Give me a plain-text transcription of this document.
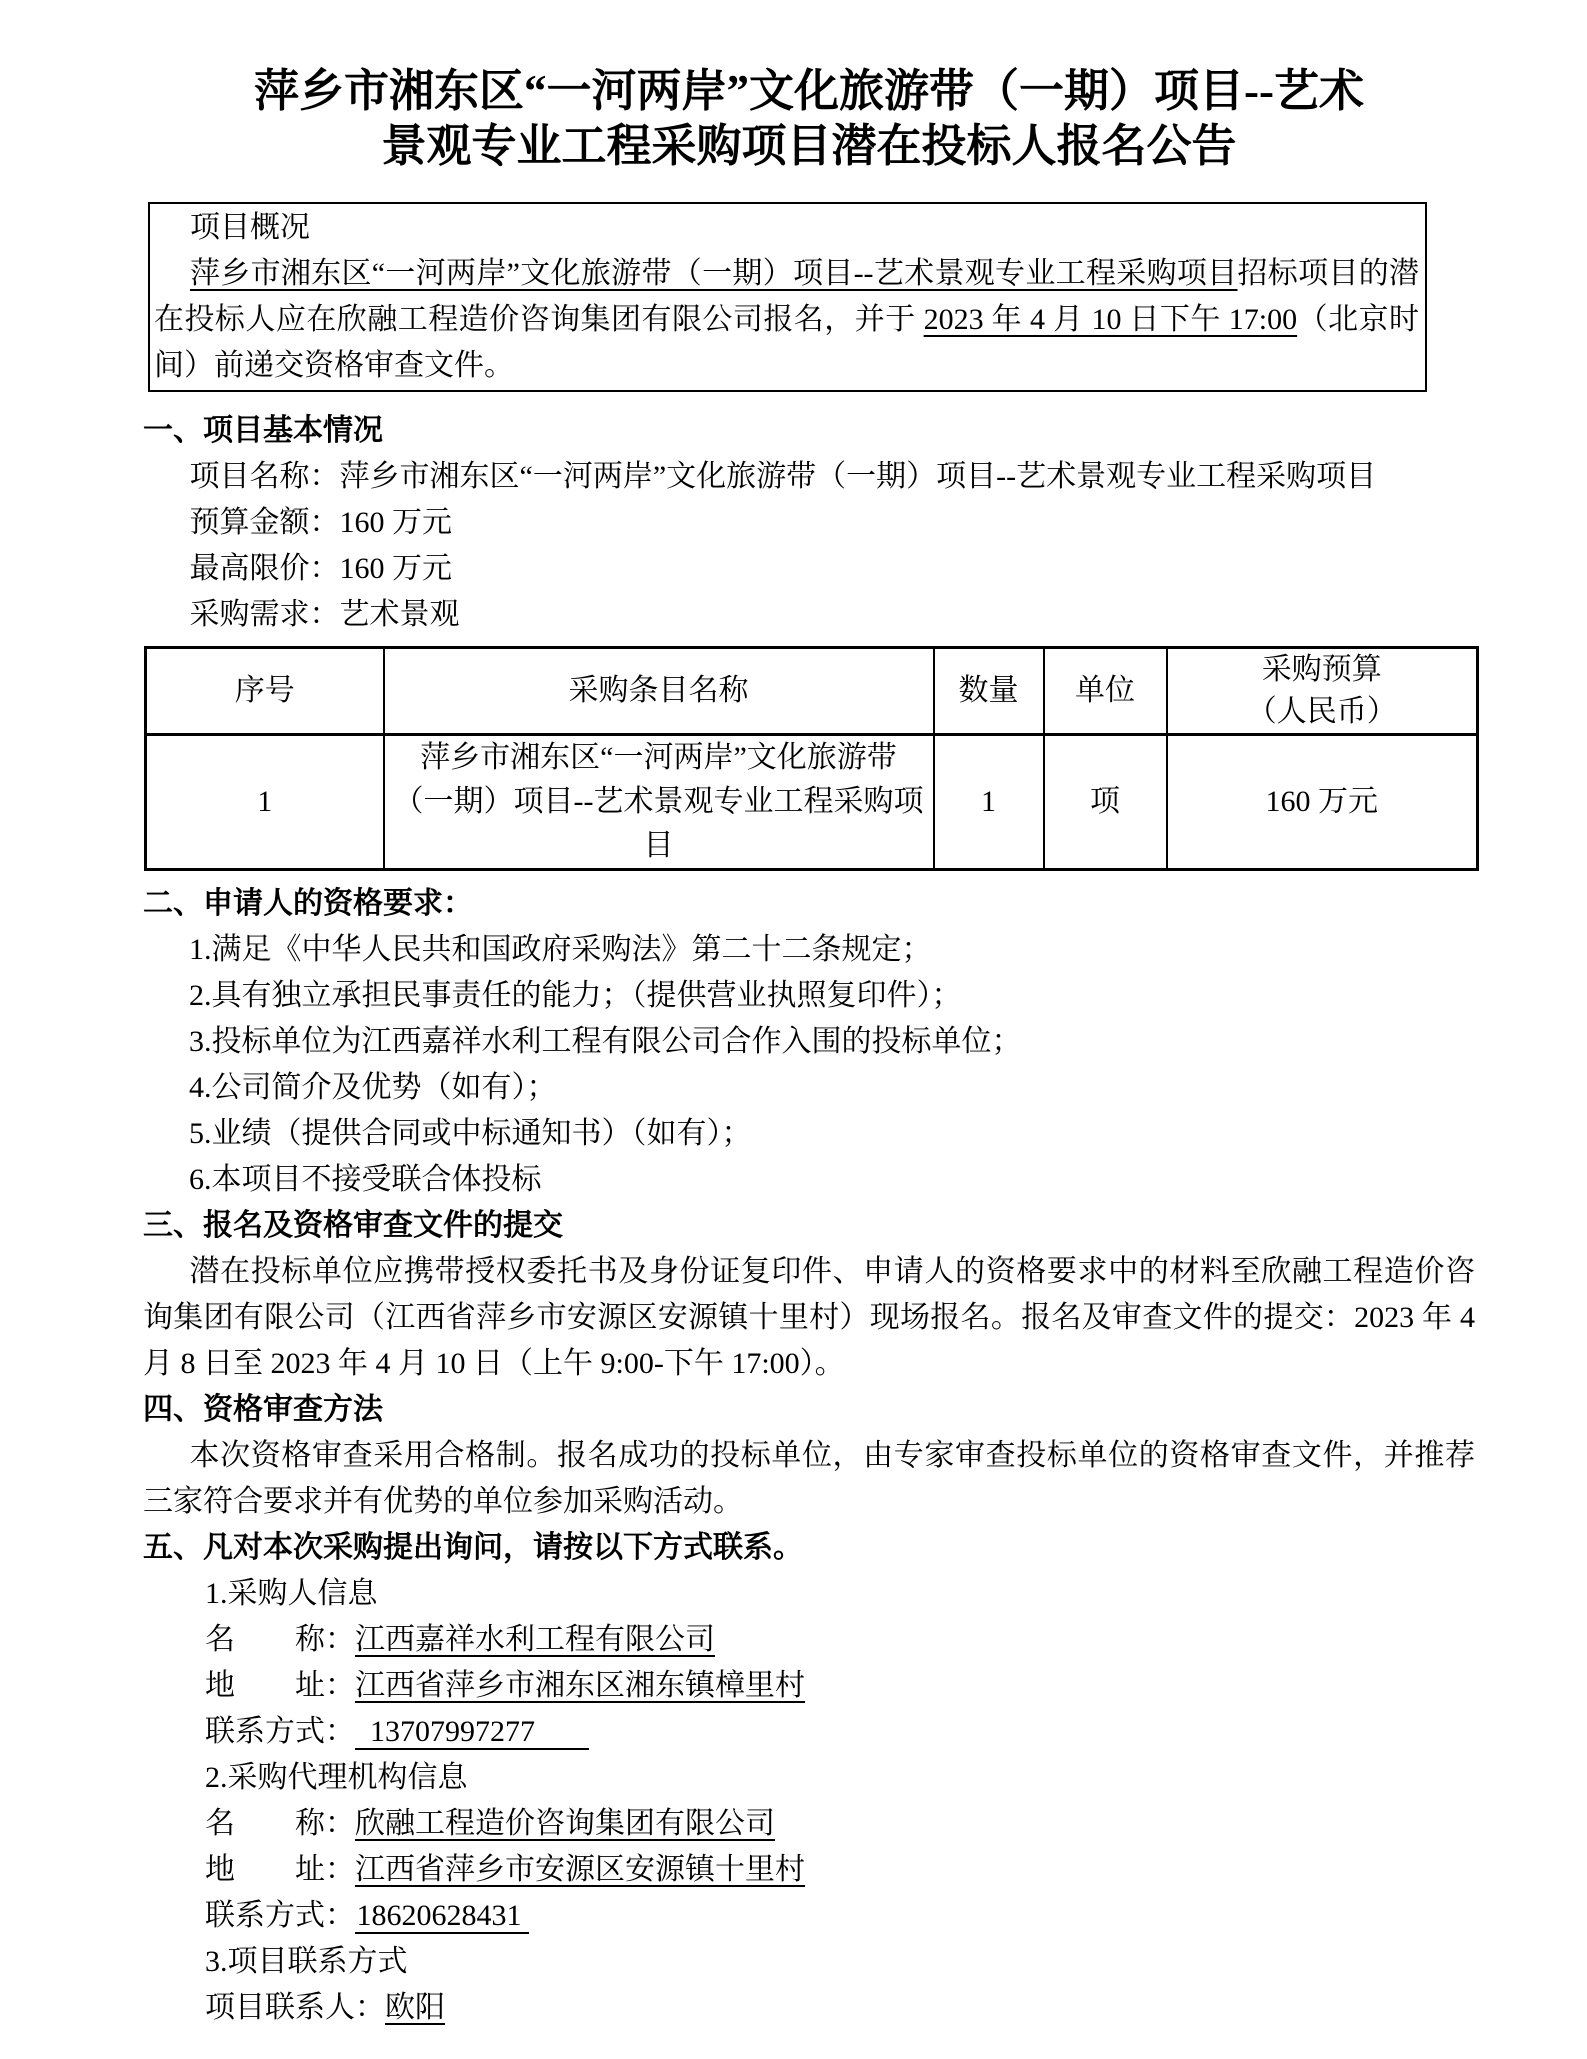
萍乡市湘东区“一河两岸”文化旅游带（一期）项目--艺术
景观专业工程采购项目潜在投标人报名公告

项目概况

萍乡市湘东区“一河两岸”文化旅游带（一期）项目--艺术景观专业工程采购项目招标项目的潜在投标人应在欣融工程造价咨询集团有限公司报名，并于 2023 年 4 月 10 日下午 17:00（北京时间）前递交资格审查文件。

一、项目基本情况

项目名称：萍乡市湘东区“一河两岸”文化旅游带（一期）项目--艺术景观专业工程采购项目

预算金额：160 万元

最高限价：160 万元

采购需求：艺术景观

序号	采购条目名称	数量	单位	采购预算
（人民币）

1	萍乡市湘东区“一河两岸”文化旅游带（一期）项目--艺术景观专业工程采购项目	1	项	160 万元
二、申请人的资格要求：

1.满足《中华人民共和国政府采购法》第二十二条规定；

2.具有独立承担民事责任的能力；（提供营业执照复印件）；

3.投标单位为江西嘉祥水利工程有限公司合作入围的投标单位；

4.公司简介及优势（如有）；

5.业绩（提供合同或中标通知书）（如有）；

6.本项目不接受联合体投标

三、报名及资格审查文件的提交

潜在投标单位应携带授权委托书及身份证复印件、申请人的资格要求中的材料至欣融工程造价咨询集团有限公司（江西省萍乡市安源区安源镇十里村）现场报名。报名及审查文件的提交：2023 年 4 月 8 日至 2023 年 4 月 10 日（上午 9:00-下午 17:00）。

四、资格审查方法

本次资格审查采用合格制。报名成功的投标单位，由专家审查投标单位的资格审查文件，并推荐三家符合要求并有优势的单位参加采购活动。

五、凡对本次采购提出询问，请按以下方式联系。

1.采购人信息

名　　称：江西嘉祥水利工程有限公司

地　　址：江西省萍乡市湘东区湘东镇樟里村

联系方式： 13707997277

2.采购代理机构信息

名　　称：欣融工程造价咨询集团有限公司

地　　址：江西省萍乡市安源区安源镇十里村

联系方式：18620628431

3.项目联系方式

项目联系人：欧阳
